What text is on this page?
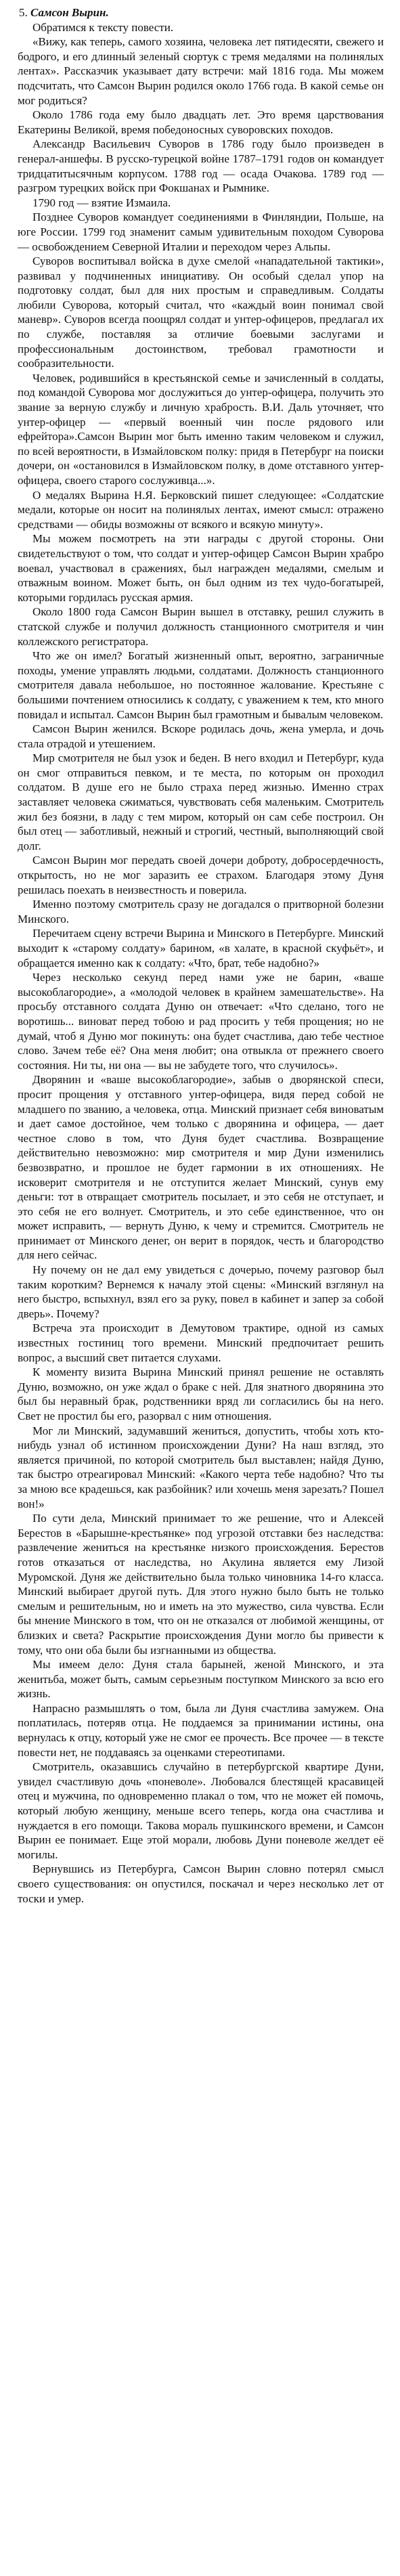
5. Самсон Вырин.

Обратимся к тексту повести.

«Вижу, как теперь, самого хозяина, человека лет пятидесяти, свежего и бодрого, и его длинный зеленый сюртук с тремя медалями на полинялых лентах». Рассказчик указывает дату встречи: май 1816 года. Мы можем подсчитать, что Самсон Вырин родился около 1766 года. В какой семье он мог родиться?

Около 1786 года ему было двадцать лет. Это время царствования Екатерины Великой, время победоносных суворовских походов.

Александр Васильевич Суворов в 1786 году было произведен в генерал-аншефы. В русско-турецкой войне 1787–1791 годов он командует тридцатитысячным корпусом. 1788 год — осада Очакова. 1789 год — разгром турецких войск при Фокшанах и Рымнике.

1790 год — взятие Измаила.

Позднее Суворов командует соединениями в Финляндии, Польше, на юге России. 1799 год знаменит самым удивительным походом Суворова — освобождением Северной Италии и переходом через Альпы.

Суворов воспитывал войска в духе смелой «нападательной тактики», развивал у подчиненных инициативу. Он особый сделал упор на подготовку солдат, был для них простым и справедливым. Солдаты любили Суворова, который считал, что «каждый воин понимал свой маневр». Суворов всегда поощрял солдат и унтер-офицеров, предлагал их по службе, поставляя за отличие боевыми заслугами и профессиональным достоинством, требовал грамотности и сообразительности.

Человек, родившийся в крестьянской семье и зачисленный в солдаты, под командой Суворова мог дослужиться до унтер-офицера, получить это звание за верную службу и личную храбрость. В.И. Даль уточняет, что унтер-офицер — «первый военный чин после рядового или ефрейтора».Самсон Вырин мог быть именно таким человеком и служил, по всей вероятности, в Измайловском полку: придя в Петербург на поиски дочери, он «остановился в Измайловском полку, в доме отставного унтер-офицера, своего старого сослуживца...».

О медалях Вырина Н.Я. Берковский пишет следующее: «Солдатские медали, которые он носит на полинялых лентах, имеют смысл: отражено средствами — обиды возможны от всякого и всякую минуту».

Мы можем посмотреть на эти награды с другой стороны. Они свидетельствуют о том, что солдат и унтер-офицер Самсон Вырин храбро воевал, участвовал в сражениях, был награжден медалями, смелым и отважным воином. Может быть, он был одним из тех чудо-богатырей, которыми гордилась русская армия.

Около 1800 года Самсон Вырин вышел в отставку, решил служить в статской службе и получил должность станционного смотрителя и чин коллежского регистратора.

Что же он имел? Богатый жизненный опыт, вероятно, заграничные походы, умение управлять людьми, солдатами. Должность станционного смотрителя давала небольшое, но постоянное жалование. Крестьяне с большими почтением относились к солдату, с уважением к тем, кто много повидал и испытал. Самсон Вырин был грамотным и бывалым человеком.

Самсон Вырин женился. Вскоре родилась дочь, жена умерла, и дочь стала отрадой и утешением.

Мир смотрителя не был узок и беден. В него входил и Петербург, куда он смог отправиться певком, и те места, по которым он проходил солдатом. В душе его не было страха перед жизнью. Именно страх заставляет человека сжиматься, чувствовать себя маленьким. Смотритель жил без боязни, в ладу с тем миром, который он сам себе построил. Он был отец — заботливый, нежный и строгий, честный, выполняющий свой долг.

Самсон Вырин мог передать своей дочери доброту, добросердечность, открытость, но не мог заразить ее страхом. Благодаря этому Дуня решилась поехать в неизвестность и поверила.

Именно поэтому смотритель сразу не догадался о притворной болезни Минского.

Перечитаем сцену встречи Вырина и Минского в Петербурге. Минский выходит к «старому солдату» барином, «в халате, в красной скуфьёт», и обращается именно как к солдату: «Что, брат, тебе надобно?»

Через несколько секунд перед нами уже не барин, «ваше высокоблагородие», а «молодой человек в крайнем замешательстве». На просьбу отставного солдата Дуню он отвечает: «Что сделано, того не воротишь... виноват перед тобою и рад просить у тебя прощения; но не думай, чтоб я Дуню мог покинуть: она будет счастлива, даю тебе честное слово. Зачем тебе её? Она меня любит; она отвыкла от прежнего своего состояния. Ни ты, ни она — вы не забудете того, что случилось».

Дворянин и «ваше высокоблагородие», забыв о дворянской спеси, просит прощения у отставного унтер-офицера, видя перед собой не младшего по званию, а человека, отца. Минский признает себя виноватым и дает самое достойное, чем только с дворянина и офицера, — дает честное слово в том, что Дуня будет счастлива. Возвращение действительно невозможно: мир смотрителя и мир Дуни изменились безвозвратно, и прошлое не будет гармонии в их отношениях. Не исковерит смотрителя и не отступится желает Минский, сунув ему деньги: тот в отвращает смотритель посылает, и это себя не отступает, и это себя не его волнует. Смотритель, и это себе единственное, что он может исправить, — вернуть Дуню, к чему и стремится. Смотритель не принимает от Минского денег, он верит в порядок, честь и благородство для него сейчас.

Ну почему он не дал ему увидеться с дочерью, почему разговор был таким коротким? Вернемся к началу этой сцены: «Минский взглянул на него быстро, вспыхнул, взял его за руку, повел в кабинет и запер за собой дверь». Почему?

Встреча эта происходит в Демутовом трактире, одной из самых известных гостиниц того времени. Минский предпочитает решить вопрос, а высший свет питается слухами.

К моменту визита Вырина Минский принял решение не оставлять Дуню, возможно, он уже ждал о браке с ней. Для знатного дворянина это был бы неравный брак, родственники вряд ли согласились бы на него. Свет не простил бы его, разорвал с ним отношения.

Мог ли Минский, задумавший жениться, допустить, чтобы хоть кто-нибудь узнал об истинном происхождении Дуни? На наш взгляд, это является причиной, по которой смотритель был выставлен; найдя Дуню, так быстро отреагировал Минский: «Какого черта тебе надобно? Что ты за мною все крадешься, как разбойник? или хочешь меня зарезать? Пошел вон!»

По сути дела, Минский принимает то же решение, что и Алексей Берестов в «Барышне-крестьянке» под угрозой отставки без наследства: развлечение жениться на крестьянке низкого происхождения. Берестов готов отказаться от наследства, но Акулина является ему Лизой Муромской. Дуня же действительно была только чиновника 14-го класса. Минский выбирает другой путь. Для этого нужно было быть не только смелым и решительным, но и иметь на это мужество, сила чувства. Если бы мнение Минского в том, что он не отказался от любимой женщины, от близких и света? Раскрытие происхождения Дуни могло бы привести к тому, что они оба были бы изгнанными из общества.

Мы имеем дело: Дуня стала барыней, женой Минского, и эта женитьба, может быть, самым серьезным поступком Минского за всю его жизнь.

Напрасно размышлять о том, была ли Дуня счастлива замужем. Она поплатилась, потеряв отца. Не поддаемся за принимании истины, она вернулась к отцу, который уже не смог ее прочесть. Все прочее — в тексте повести нет, не поддаваясь за оценками стереотипами.

Смотритель, оказавшись случайно в петербургской квартире Дуни, увидел счастливую дочь «поневоле». Любовался блестящей красавицей отец и мужчина, по одновременно плакал о том, что не может ей помочь, который любую женщину, меньше всего теперь, когда она счастлива и нуждается в его помощи. Такова мораль пушкинского времени, и Самсон Вырин ее понимает. Еще этой морали, любовь Дуни поневоле желдет её могилы.

Вернувшись из Петербурга, Самсон Вырин словно потерял смысл своего существования: он опустился, поскачал и через несколько лет от тоски и умер.
